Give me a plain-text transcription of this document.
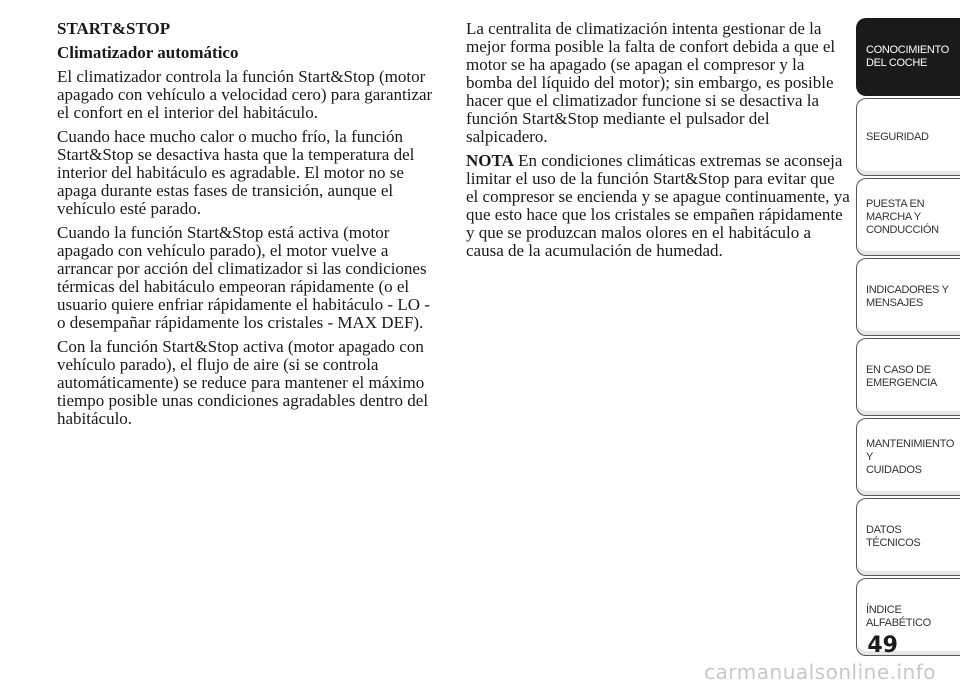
START&STOP

Climatizador automático

El climatizador controla la función Start&Stop (motor apagado con vehículo a velocidad cero) para garantizar el confort en el interior del habitáculo.

Cuando hace mucho calor o mucho frío, la función Start&Stop se desactiva hasta que la temperatura del interior del habitáculo es agradable. El motor no se apaga durante estas fases de transición, aunque el vehículo esté parado.

Cuando la función Start&Stop está activa (motor apagado con vehículo parado), el motor vuelve a arrancar por acción del climatizador si las condiciones térmicas del habitáculo empeoran rápidamente (o el usuario quiere enfriar rápidamente el habitáculo - LO - o desempañar rápidamente los cristales - MAX DEF).

Con la función Start&Stop activa (motor apagado con vehículo parado), el flujo de aire (si se controla automáticamente) se reduce para mantener el máximo tiempo posible unas condiciones agradables dentro del habitáculo.

La centralita de climatización intenta gestionar de la mejor forma posible la falta de confort debida a que el motor se ha apagado (se apagan el compresor y la bomba del líquido del motor); sin embargo, es posible hacer que el climatizador funcione si se desactiva la función Start&Stop mediante el pulsador del salpicadero.

NOTA En condiciones climáticas extremas se aconseja limitar el uso de la función Start&Stop para evitar que el compresor se encienda y se apague continuamente, ya que esto hace que los cristales se empañen rápidamente y que se produzcan malos olores en el habitáculo a causa de la acumulación de humedad.

CONOCIMIENTO
DEL COCHE
SEGURIDAD
PUESTA EN
MARCHA Y
CONDUCCIÓN
INDICADORES Y
MENSAJES
EN CASO DE
EMERGENCIA
MANTENIMIENTO Y
CUIDADOS
DATOS TÉCNICOS
ÍNDICE
ALFABÉTICO
49
carmanualsonline.info
